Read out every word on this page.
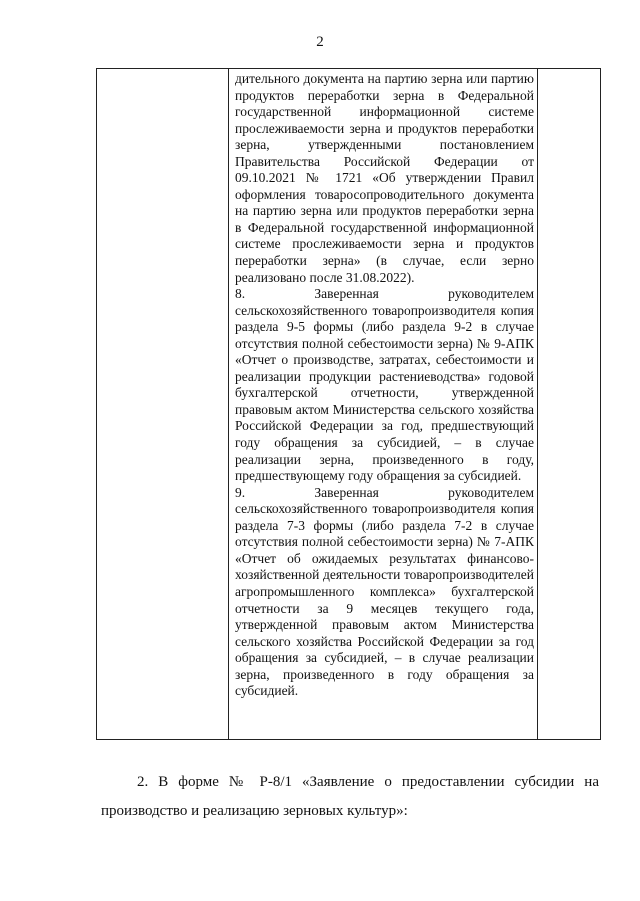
2

дительного документа на партию зерна или партию продуктов переработки зерна в Федеральной государственной информационной системе прослеживаемости зерна и продуктов переработки зерна, утвержденными постановлением Правительства Российской Федерации от 09.10.2021 № 1721 «Об утверждении Правил оформления товаросопроводительного документа на партию зерна или продуктов переработки зерна в Федеральной государственной информационной системе прослеживаемости зерна и продуктов переработки зерна» (в случае, если зерно реализовано после 31.08.2022).

8. Заверенная руководителем сельскохозяйственного товаропроизводителя копия раздела 9-5 формы (либо раздела 9-2 в случае отсутствия полной себестоимости зерна) № 9-АПК «Отчет о производстве, затратах, себестоимости и реализации продукции растениеводства» годовой бухгалтерской отчетности, утвержденной правовым актом Министерства сельского хозяйства Российской Федерации за год, предшествующий году обращения за субсидией, – в случае реализации зерна, произведенного в году, предшествующему году обращения за субсидией.

9. Заверенная руководителем сельскохозяйственного товаропроизводителя копия раздела 7-3 формы (либо раздела 7-2 в случае отсутствия полной себестоимости зерна) № 7-АПК «Отчет об ожидаемых результатах финансово-хозяйственной деятельности товаропроизводителей агропромышленного комплекса» бухгалтерской отчетности за 9 месяцев текущего года, утвержденной правовым актом Министерства сельского хозяйства Российской Федерации за год обращения за субсидией, – в случае реализации зерна, произведенного в году обращения за субсидией.

2. В форме № Р-8/1 «Заявление о предоставлении субсидии на производство и реализацию зерновых культур»:
